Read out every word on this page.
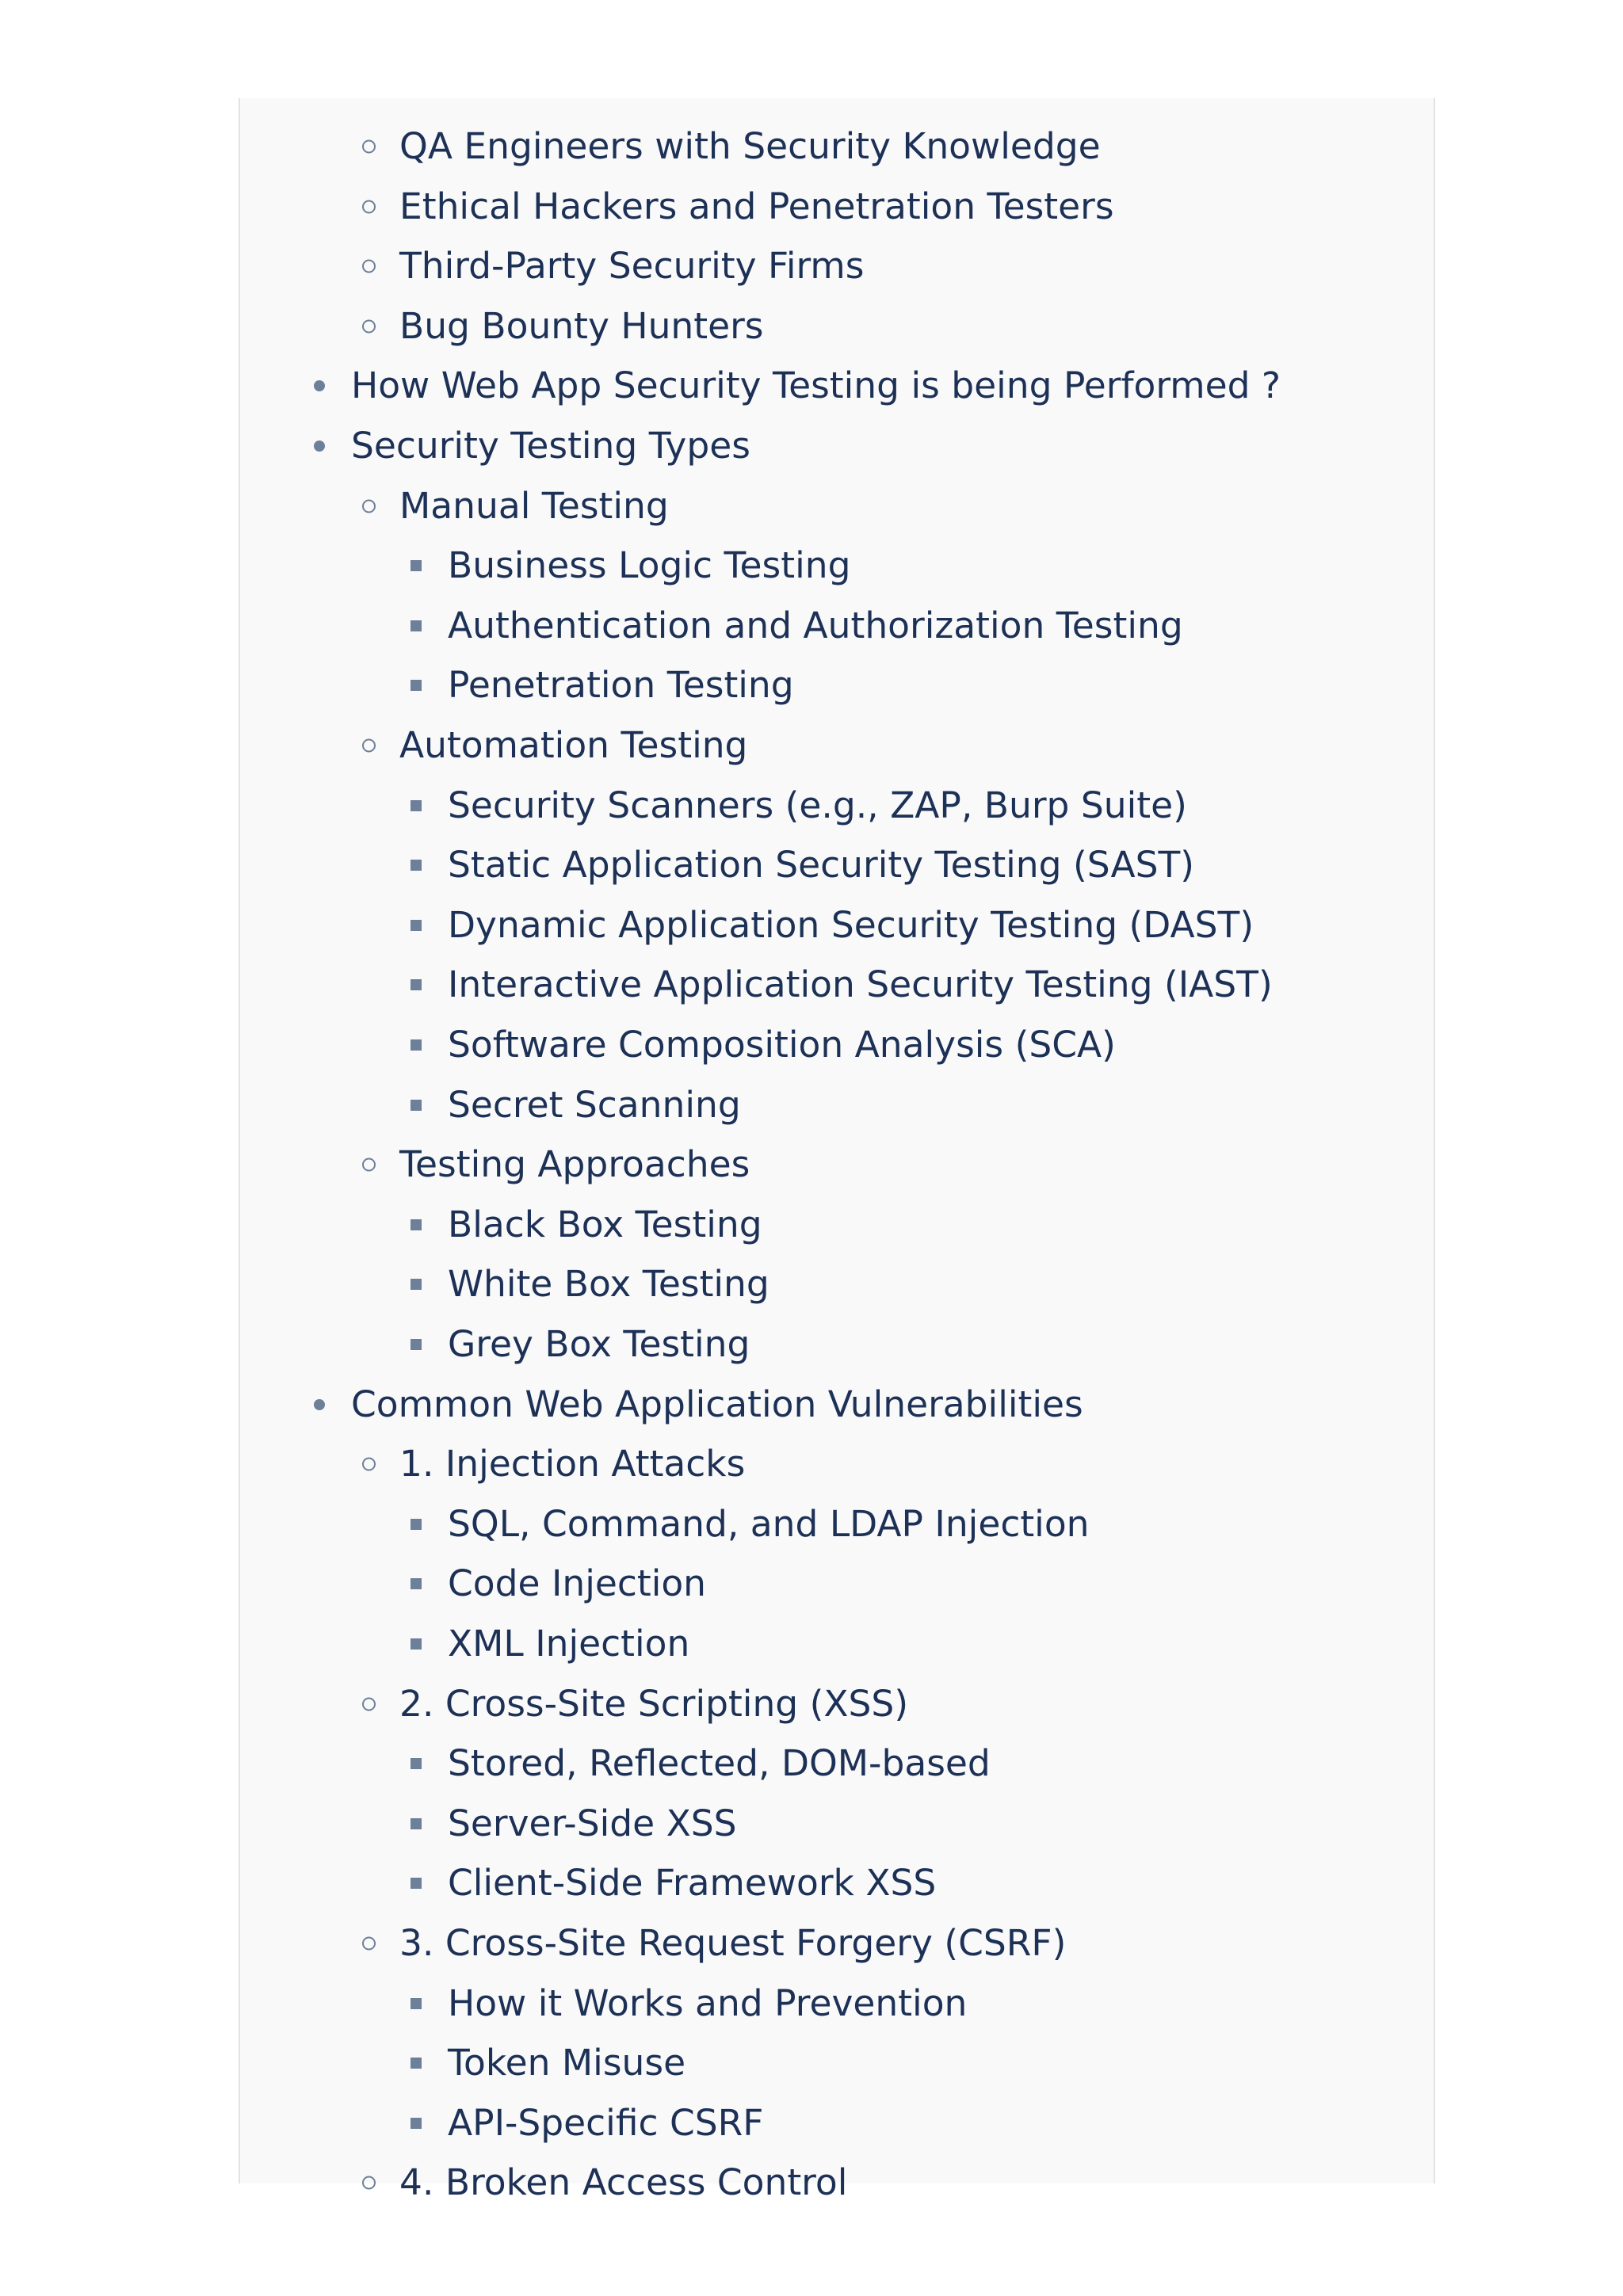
QA Engineers with Security Knowledge
Ethical Hackers and Penetration Testers
Third-Party Security Firms
Bug Bounty Hunters
How Web App Security Testing is being Performed ?
Security Testing Types
Manual Testing
Business Logic Testing
Authentication and Authorization Testing
Penetration Testing
Automation Testing
Security Scanners (e.g., ZAP, Burp Suite)
Static Application Security Testing (SAST)
Dynamic Application Security Testing (DAST)
Interactive Application Security Testing (IAST)
Software Composition Analysis (SCA)
Secret Scanning
Testing Approaches
Black Box Testing
White Box Testing
Grey Box Testing
Common Web Application Vulnerabilities
1. Injection Attacks
SQL, Command, and LDAP Injection
Code Injection
XML Injection
2. Cross-Site Scripting (XSS)
Stored, Reflected, DOM-based
Server-Side XSS
Client-Side Framework XSS
3. Cross-Site Request Forgery (CSRF)
How it Works and Prevention
Token Misuse
API-Specific CSRF
4. Broken Access Control
